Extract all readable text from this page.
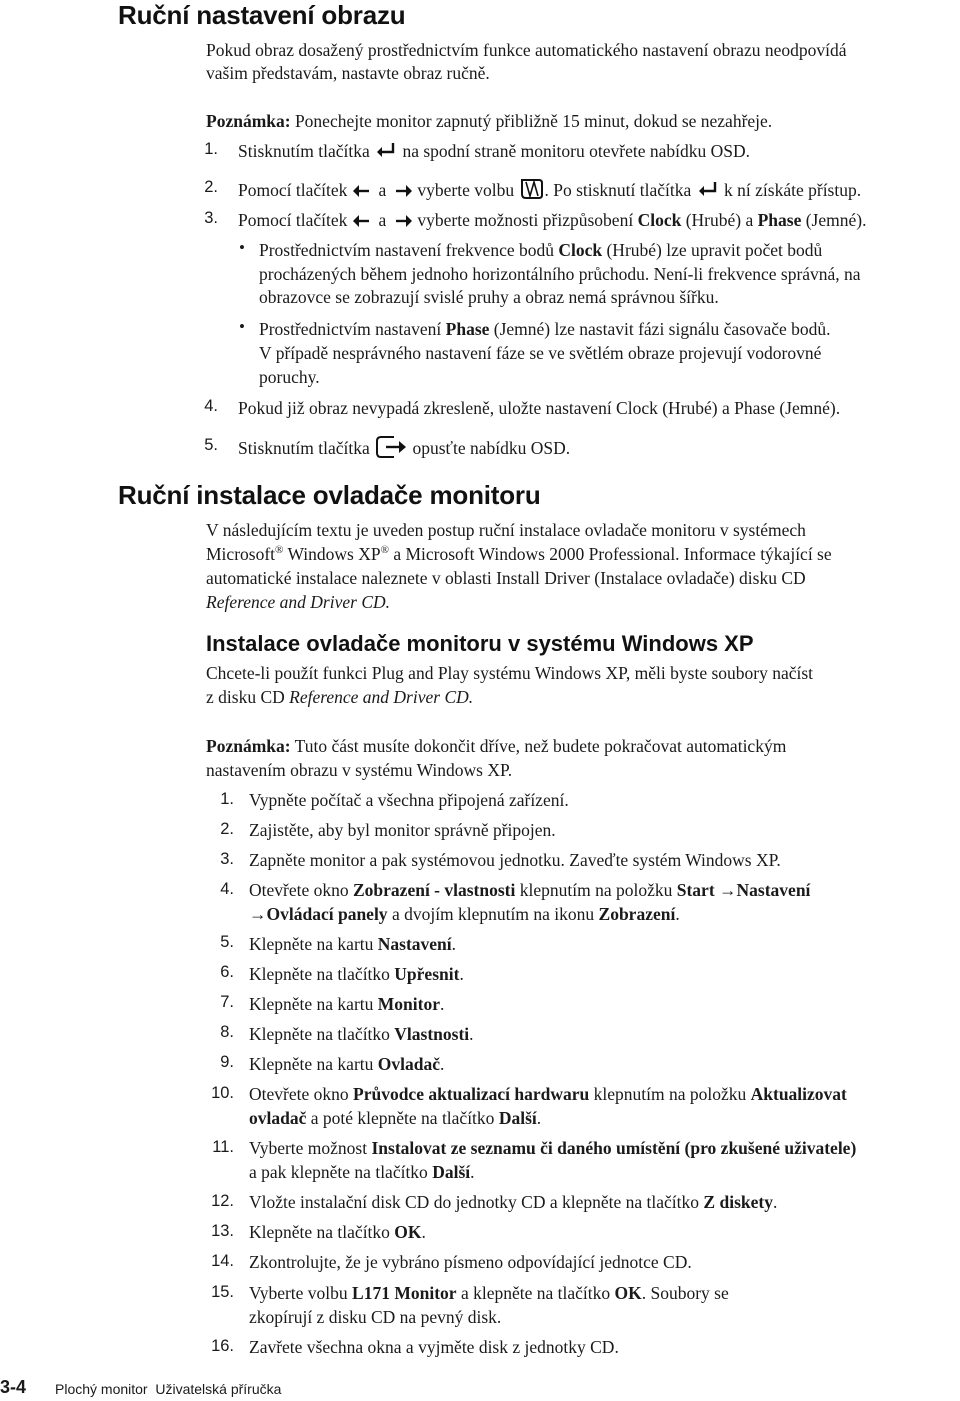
Ruční nastavení obrazu
Pokud obraz dosažený prostřednictvím funkce automatického nastavení obrazu neodpovídá
vašim představám, nastavte obraz ručně.
Poznámka: Ponechejte monitor zapnutý přibližně 15 minut, dokud se nezahřeje.
1. Stisknutím tlačítka na spodní straně monitoru otevřete nabídku OSD.
2. Pomocí tlačítek a vyberte volbu . Po stisknutí tlačítka k ní získáte přístup.
3. Pomocí tlačítek a vyberte možnosti přizpůsobení Clock (Hrubé) a Phase (Jemné).
• Prostřednictvím nastavení frekvence bodů Clock (Hrubé) lze upravit počet bodů
procházených během jednoho horizontálního průchodu. Není-li frekvence správná, na
obrazovce se zobrazují svislé pruhy a obraz nemá správnou šířku.
• Prostřednictvím nastavení Phase (Jemné) lze nastavit fázi signálu časovače bodů.
V případě nesprávného nastavení fáze se ve světlém obraze projevují vodorovné
poruchy.
4. Pokud již obraz nevypadá zkresleně, uložte nastavení Clock (Hrubé) a Phase (Jemné).
5. Stisknutím tlačítka opusťte nabídku OSD.
Ruční instalace ovladače monitoru
V následujícím textu je uveden postup ruční instalace ovladače monitoru v systémech
Microsoft® Windows XP® a Microsoft Windows 2000 Professional. Informace týkající se
automatické instalace naleznete v oblasti Install Driver (Instalace ovladače) disku CD
Reference and Driver CD.
Instalace ovladače monitoru v systému Windows XP
Chcete-li použít funkci Plug and Play systému Windows XP, měli byste soubory načíst
z disku CD Reference and Driver CD.
Poznámka: Tuto část musíte dokončit dříve, než budete pokračovat automatickým
nastavením obrazu v systému Windows XP.
1. Vypněte počítač a všechna připojená zařízení.
2. Zajistěte, aby byl monitor správně připojen.
3. Zapněte monitor a pak systémovou jednotku. Zaveďte systém Windows XP.
4. Otevřete okno Zobrazení - vlastnosti klepnutím na položku Start →Nastavení
→Ovládací panely a dvojím klepnutím na ikonu Zobrazení.
5. Klepněte na kartu Nastavení.
6. Klepněte na tlačítko Upřesnit.
7. Klepněte na kartu Monitor.
8. Klepněte na tlačítko Vlastnosti.
9. Klepněte na kartu Ovladač.
10. Otevřete okno Průvodce aktualizací hardwaru klepnutím na položku Aktualizovat
ovladač a poté klepněte na tlačítko Další.
11. Vyberte možnost Instalovat ze seznamu či daného umístění (pro zkušené uživatele)
a pak klepněte na tlačítko Další.
12. Vložte instalační disk CD do jednotky CD a klepněte na tlačítko Z diskety.
13. Klepněte na tlačítko OK.
14. Zkontrolujte, že je vybráno písmeno odpovídající jednotce CD.
15. Vyberte volbu L171 Monitor a klepněte na tlačítko OK. Soubory se
zkopírují z disku CD na pevný disk.
16. Zavřete všechna okna a vyjměte disk z jednotky CD.
3-4 Plochý monitor  Uživatelská příručka
